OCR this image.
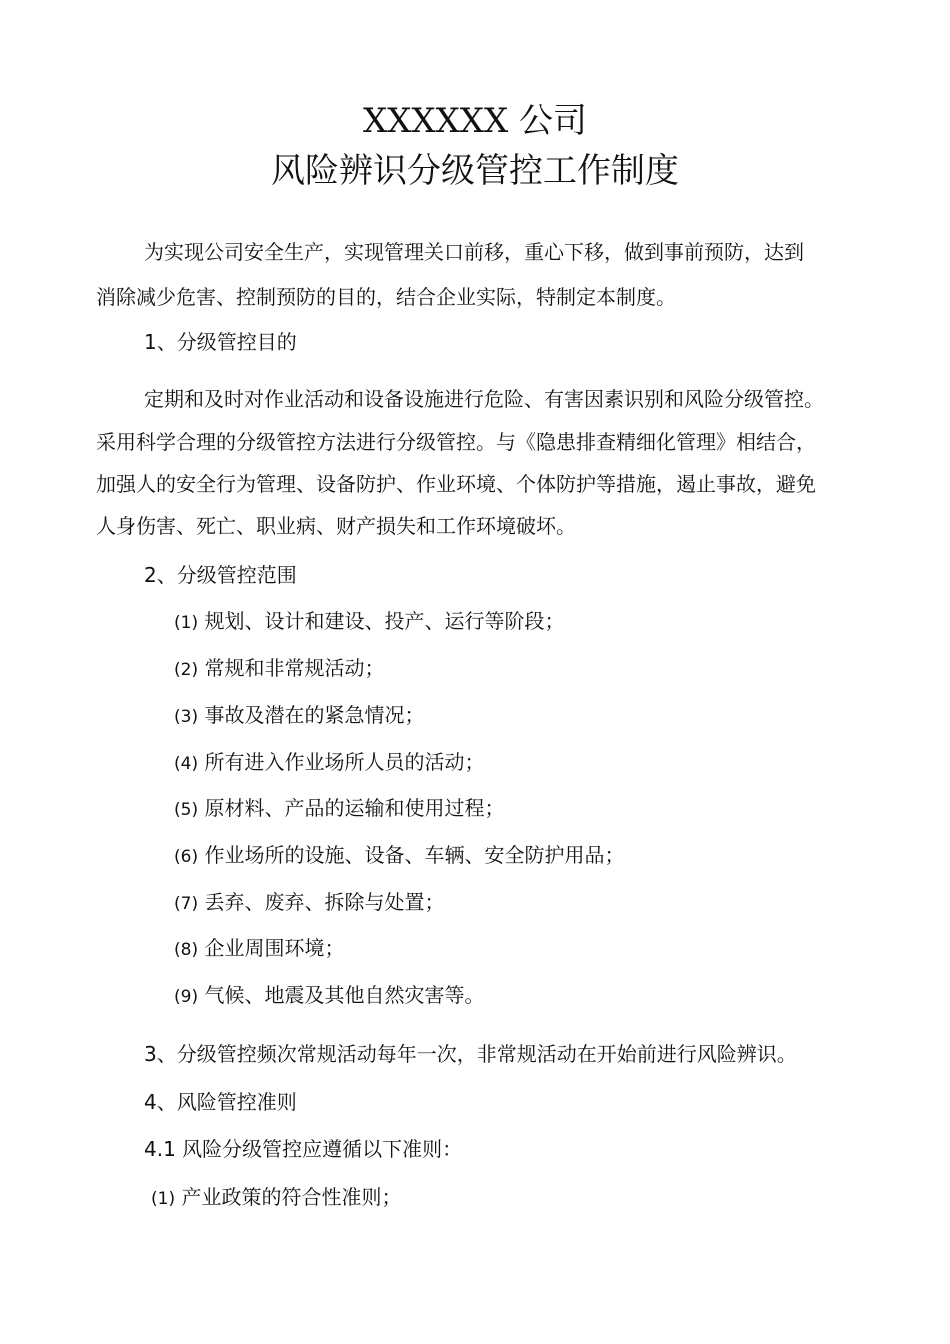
XXXXXX 公司
风险辨识分级管控工作制度
为实现公司安全生产，实现管理关口前移，重心下移，做到事前预防，达到
消除减少危害、控制预防的目的，结合企业实际，特制定本制度。
1、分级管控目的
定期和及时对作业活动和设备设施进行危险、有害因素识别和风险分级管控。
采用科学合理的分级管控方法进行分级管控。与《隐患排查精细化管理》相结合，
加强人的安全行为管理、设备防护、作业环境、个体防护等措施，遏止事故，避免
人身伤害、死亡、职业病、财产损失和工作环境破坏。
2、分级管控范围
(1) 规划、设计和建设、投产、运行等阶段；
(2) 常规和非常规活动；
(3) 事故及潜在的紧急情况；
(4) 所有进入作业场所人员的活动；
(5) 原材料、产品的运输和使用过程；
(6) 作业场所的设施、设备、车辆、安全防护用品；
(7) 丢弃、废弃、拆除与处置；
(8) 企业周围环境；
(9) 气候、地震及其他自然灾害等。
3、分级管控频次常规活动每年一次，非常规活动在开始前进行风险辨识。
4、风险管控准则
4.1 风险分级管控应遵循以下准则：
(1) 产业政策的符合性准则；
